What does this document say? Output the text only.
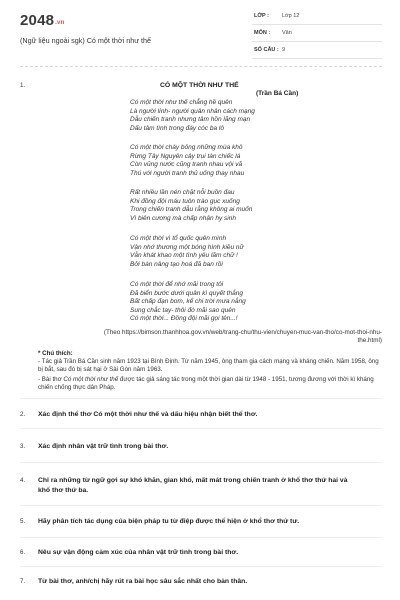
2048.vn
(Ngữ liệu ngoài sgk) Có một thời như thế
LỚP : Lớp 12
MÔN : Văn
SỐ CÂU : 9
1.	CÓ MỘT THỜI NHƯ THẾ
(Trần Bá Cần)
Có một thời như thế chẳng hề quên
Là người lính- người quân nhân cách mạng
Dẫu chiến tranh nhưng tâm hồn lãng mạn
Dấu tâm tình trong đáy cóc ba lô
Có một thời cháy bỏng những mùa khô
Rừng Tây Nguyên cây trụi tàn chiếc lá
Còn vũng nước cũng tranh nhau vội vã
Thú với người tranh thủ uống thay nhau
Rất nhiều lần nén chặt nỗi buồn đau
Khi đồng đội máu tuôn trào gục xuống
Trong chiến tranh dẫu rằng không ai muốn
Vì biên cương mà chấp nhận hy sinh
Có một thời vì tổ quốc quên mình
Vận nhớ thương một bóng hình kiều nữ
Vẫn khát khao một tình yêu lãm chữ !
Bởi bàn nâng tạo hoá đã ban rồi
Có một thời để nhớ mãi trong tôi
Đã biển bước dưới quân kì quyết thắng
Bất chấp đạn bom, kể chi trời mưa nắng
Sung chắc tay- thôi đó mãi sao quên
Có một thời... Đồng đội mãi gọi tên...!
(Theo https://bimson.thanhhoa.gov.vn/web/trang-chu/thu-vien/chuyen-muc-van-tho/co-mot-thoi-nhu-the.html)
* Chú thích:
- Tác giả Trần Bá Cần sinh năm 1923 tại Bình Định. Từ năm 1945, ông tham gia cách mạng và kháng chiến. Năm 1958, ông bị bắt, sau đó bị sát hại ở Sài Gòn năm 1963.
- Bài thơ Có một thời như thế được tác giả sáng tác trong một thời gian dài từ 1948 - 1951, tương đương với thời kì kháng chiến chống thực dân Pháp.
2. Xác định thể thơ Có một thời như thế và dấu hiệu nhận biết thể thơ.
3. Xác định nhân vật trữ tình trong bài thơ.
4. Chỉ ra những từ ngữ gợi sự khó khăn, gian khổ, mất mát trong chiến tranh ở khổ thơ thứ hai và
khổ thơ thứ ba.
5. Hãy phân tích tác dụng của biện pháp tu từ điệp được thể hiện ở khổ thơ thứ tư.
6. Nêu sự vận động cảm xúc của nhân vật trữ tình trong bài thơ.
7. Từ bài thơ, anh/chị hãy rút ra bài học sâu sắc nhất cho bản thân.
